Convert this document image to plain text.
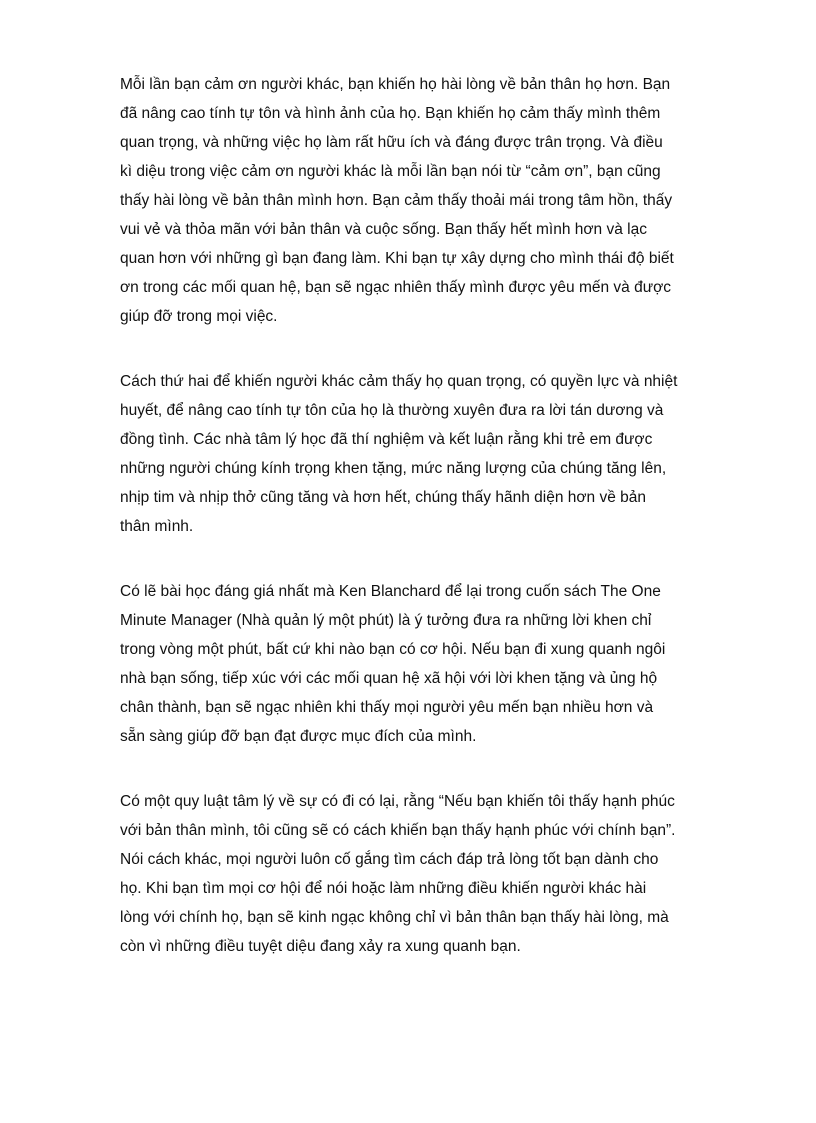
Mỗi lần bạn cảm ơn người khác, bạn khiến họ hài lòng về bản thân họ hơn. Bạn
đã nâng cao tính tự tôn và hình ảnh của họ. Bạn khiến họ cảm thấy mình thêm
quan trọng, và những việc họ làm rất hữu ích và đáng được trân trọng. Và điều
kì diệu trong việc cảm ơn người khác là mỗi lần bạn nói từ “cảm ơn”, bạn cũng
thấy hài lòng về bản thân mình hơn. Bạn cảm thấy thoải mái trong tâm hồn, thấy
vui vẻ và thỏa mãn với bản thân và cuộc sống. Bạn thấy hết mình hơn và lạc
quan hơn với những gì bạn đang làm. Khi bạn tự xây dựng cho mình thái độ biết
ơn trong các mối quan hệ, bạn sẽ ngạc nhiên thấy mình được yêu mến và được
giúp đỡ trong mọi việc.

Cách thứ hai để khiến người khác cảm thấy họ quan trọng, có quyền lực và nhiệt
huyết, để nâng cao tính tự tôn của họ là thường xuyên đưa ra lời tán dương và
đồng tình. Các nhà tâm lý học đã thí nghiệm và kết luận rằng khi trẻ em được
những người chúng kính trọng khen tặng, mức năng lượng của chúng tăng lên,
nhịp tim và nhịp thở cũng tăng và hơn hết, chúng thấy hãnh diện hơn về bản
thân mình.

Có lẽ bài học đáng giá nhất mà Ken Blanchard để lại trong cuốn sách The One
Minute Manager (Nhà quản lý một phút) là ý tưởng đưa ra những lời khen chỉ
trong vòng một phút, bất cứ khi nào bạn có cơ hội. Nếu bạn đi xung quanh ngôi
nhà bạn sống, tiếp xúc với các mối quan hệ xã hội với lời khen tặng và ủng hộ
chân thành, bạn sẽ ngạc nhiên khi thấy mọi người yêu mến bạn nhiều hơn và
sẵn sàng giúp đỡ bạn đạt được mục đích của mình.

Có một quy luật tâm lý về sự có đi có lại, rằng “Nếu bạn khiến tôi thấy hạnh phúc
với bản thân mình, tôi cũng sẽ có cách khiến bạn thấy hạnh phúc với chính bạn”.
Nói cách khác, mọi người luôn cố gắng tìm cách đáp trả lòng tốt bạn dành cho
họ. Khi bạn tìm mọi cơ hội để nói hoặc làm những điều khiến người khác hài
lòng với chính họ, bạn sẽ kinh ngạc không chỉ vì bản thân bạn thấy hài lòng, mà
còn vì những điều tuyệt diệu đang xảy ra xung quanh bạn.
